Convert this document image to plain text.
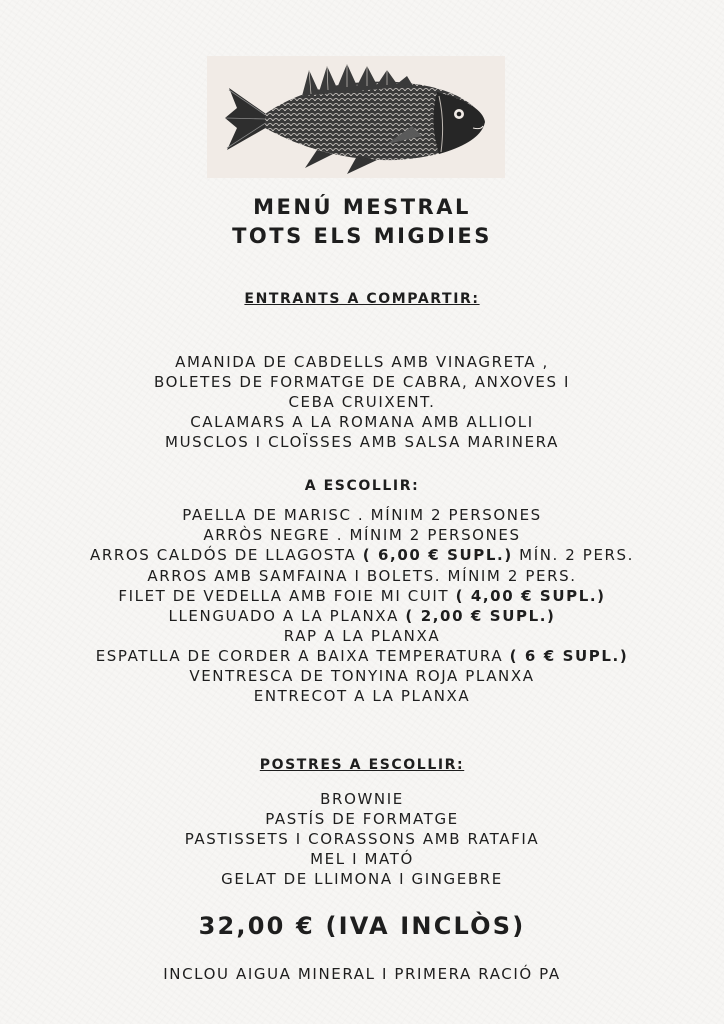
MENÚ MESTRAL
TOTS ELS MIGDIES
ENTRANTS A COMPARTIR:
AMANIDA DE CABDELLS AMB VINAGRETA ,
BOLETES DE FORMATGE DE CABRA, ANXOVES I
CEBA CRUIXENT.
CALAMARS A LA ROMANA AMB ALLIOLI
MUSCLOS I CLOÏSSES AMB SALSA MARINERA
A ESCOLLIR:
PAELLA DE MARISC . MÍNIM 2 PERSONES
ARRÒS NEGRE . MÍNIM 2 PERSONES
ARROS CALDÓS DE LLAGOSTA ( 6,00 € SUPL.) MÍN. 2 PERS.
ARROS AMB SAMFAINA I BOLETS. MÍNIM 2 PERS.
FILET DE VEDELLA AMB FOIE MI CUIT ( 4,00 € SUPL.)
LLENGUADO A LA PLANXA ( 2,00 € SUPL.)
RAP A LA PLANXA
ESPATLLA DE CORDER A BAIXA TEMPERATURA ( 6 € SUPL.)
VENTRESCA DE TONYINA ROJA PLANXA
ENTRECOT A LA PLANXA
POSTRES A ESCOLLIR:
BROWNIE
PASTÍS DE FORMATGE
PASTISSETS I CORASSONS AMB RATAFIA
MEL I MATÓ
GELAT DE LLIMONA I GINGEBRE
32,00 € (IVA INCLÒS)
INCLOU AIGUA MINERAL I PRIMERA RACIÓ PA
